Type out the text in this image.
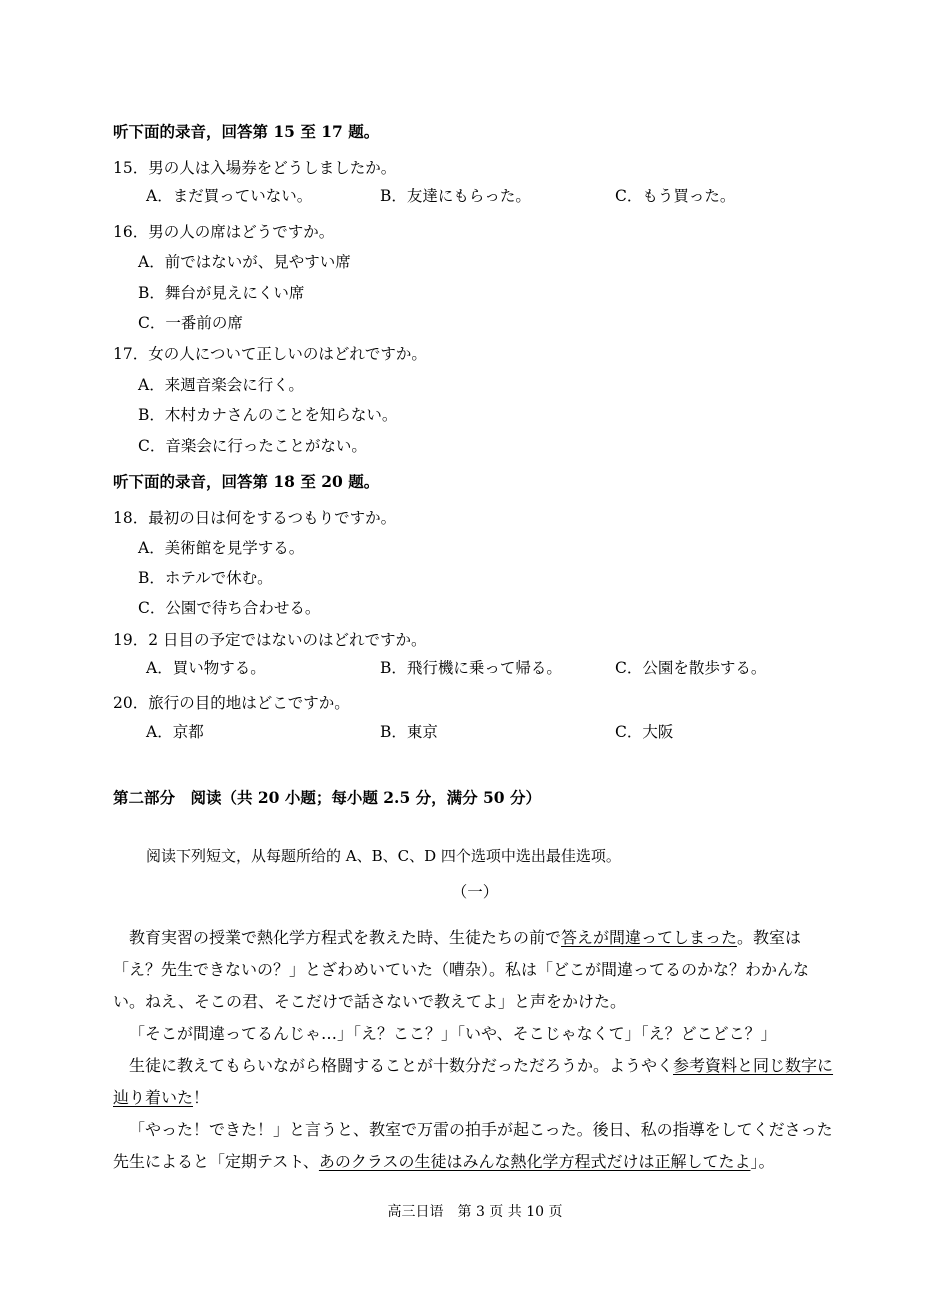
听下面的录音，回答第 15 至 17 题。
15．男の人は入場券をどうしましたか。
A．まだ買っていない。	B．友達にもらった。	C．もう買った。
16．男の人の席はどうですか。
A．前ではないが、見やすい席
B．舞台が見えにくい席
C．一番前の席
17．女の人について正しいのはどれですか。
A．来週音楽会に行く。
B．木村カナさんのことを知らない。
C．音楽会に行ったことがない。
听下面的录音，回答第 18 至 20 题。
18．最初の日は何をするつもりですか。
A．美術館を見学する。
B．ホテルで休む。
C．公園で待ち合わせる。
19．2 日目の予定ではないのはどれですか。
A．買い物する。	B．飛行機に乗って帰る。	C．公園を散歩する。
20．旅行の目的地はどこですか。
A．京都	B．東京	C．大阪
第二部分　阅读（共 20 小题；每小题 2.5 分，满分 50 分）
阅读下列短文，从每题所给的 A、B、C、D 四个选项中选出最佳选项。
（一）
教育実習の授業で熱化学方程式を教えた時、生徒たちの前で答えが間違ってしまった。教室は「え？先生できないの？」とざわめいていた（嘈杂）。私は「どこが間違ってるのかな？わかんない。ねえ、そこの君、そこだけで話さないで教えてよ」と声をかけた。
「そこが間違ってるんじゃ…」「え？ここ？」「いや、そこじゃなくて」「え？どこどこ？」
生徒に教えてもらいながら格闘することが十数分だっただろうか。ようやく参考資料と同じ数字に辿り着いた！
「やった！できた！」と言うと、教室で万雷の拍手が起こった。後日、私の指導をしてくださった先生によると「定期テスト、あのクラスの生徒はみんな熱化学方程式だけは正解してたよ」。
高三日语　第 3 页 共 10 页
